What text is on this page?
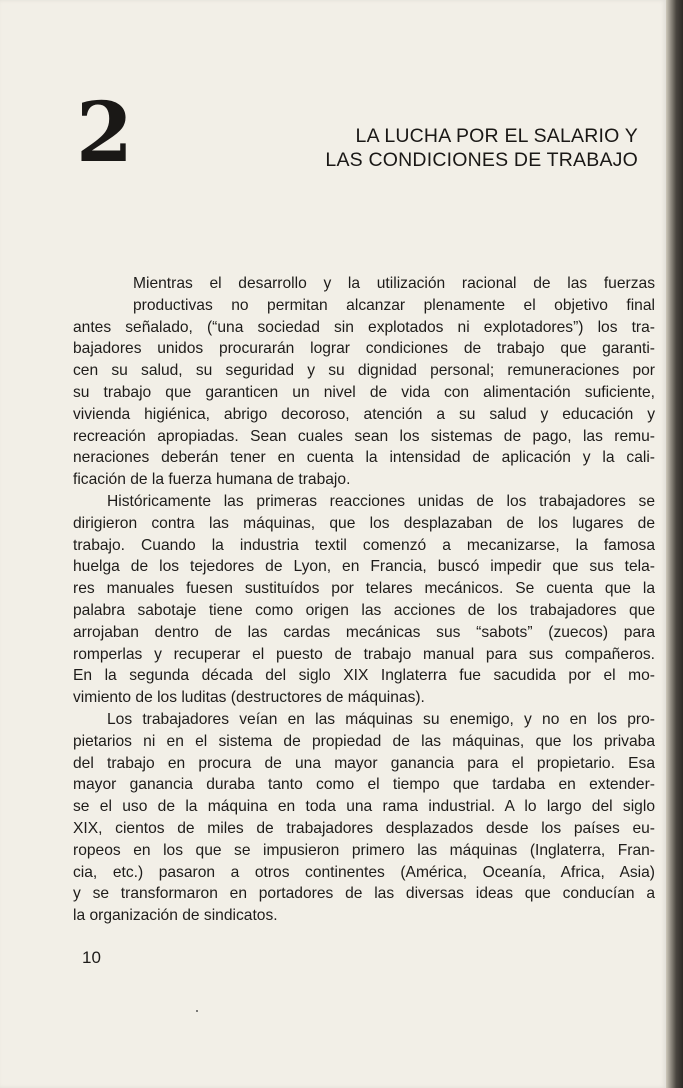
2	LA LUCHA POR EL SALARIO Y
LAS CONDICIONES DE TRABAJO
Mientras el desarrollo y la utilización racional de las fuerzas
productivas no permitan alcanzar plenamente el objetivo final
antes señalado, (“una sociedad sin explotados ni explotadores”) los tra-
bajadores unidos procurarán lograr condiciones de trabajo que garanti-
cen su salud, su seguridad y su dignidad personal; remuneraciones por
su trabajo que garanticen un nivel de vida con alimentación suficiente,
vivienda higiénica, abrigo decoroso, atención a su salud y educación y
recreación apropiadas. Sean cuales sean los sistemas de pago, las remu-
neraciones deberán tener en cuenta la intensidad de aplicación y la cali-
ficación de la fuerza humana de trabajo.
Históricamente las primeras reacciones unidas de los trabajadores se
dirigieron contra las máquinas, que los desplazaban de los lugares de
trabajo. Cuando la industria textil comenzó a mecanizarse, la famosa
huelga de los tejedores de Lyon, en Francia, buscó impedir que sus tela-
res manuales fuesen sustituídos por telares mecánicos. Se cuenta que la
palabra sabotaje tiene como origen las acciones de los trabajadores que
arrojaban dentro de las cardas mecánicas sus “sabots” (zuecos) para
romperlas y recuperar el puesto de trabajo manual para sus compañeros.
En la segunda década del siglo XIX Inglaterra fue sacudida por el mo-
vimiento de los luditas (destructores de máquinas).
Los trabajadores veían en las máquinas su enemigo, y no en los pro-
pietarios ni en el sistema de propiedad de las máquinas, que los privaba
del trabajo en procura de una mayor ganancia para el propietario. Esa
mayor ganancia duraba tanto como el tiempo que tardaba en extender-
se el uso de la máquina en toda una rama industrial. A lo largo del siglo
XIX, cientos de miles de trabajadores desplazados desde los países eu-
ropeos en los que se impusieron primero las máquinas (Inglaterra, Fran-
cia, etc.) pasaron a otros continentes (América, Oceanía, Africa, Asia)
y se transformaron en portadores de las diversas ideas que conducían a
la organización de sindicatos.
10
